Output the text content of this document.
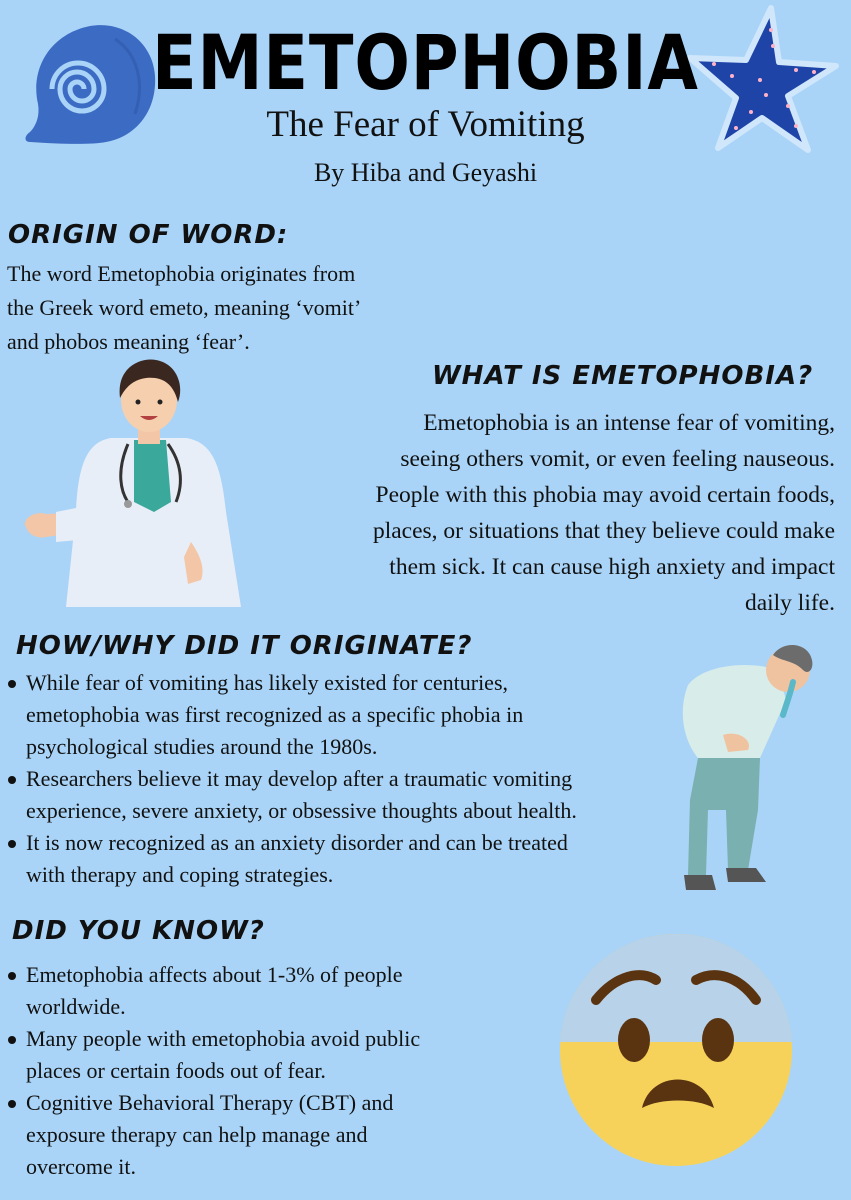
EMETOPHOBIA
The Fear of Vomiting
By Hiba and Geyashi
ORIGIN OF WORD:
The word Emetophobia originates from
the Greek word emeto, meaning ‘vomit’
and phobos meaning ‘fear’.
WHAT IS EMETOPHOBIA?
Emetophobia is an intense fear of vomiting,
seeing others vomit, or even feeling nauseous.
People with this phobia may avoid certain foods,
places, or situations that they believe could make
them sick. It can cause high anxiety and impact
daily life.
HOW/WHY DID IT ORIGINATE?
While fear of vomiting has likely existed for centuries,
emetophobia was first recognized as a specific phobia in
psychological studies around the 1980s.
Researchers believe it may develop after a traumatic vomiting
experience, severe anxiety, or obsessive thoughts about health.
It is now recognized as an anxiety disorder and can be treated
with therapy and coping strategies.
DID YOU KNOW?
Emetophobia affects about 1-3% of people
worldwide.
Many people with emetophobia avoid public
places or certain foods out of fear.
Cognitive Behavioral Therapy (CBT) and
exposure therapy can help manage and
overcome it.
